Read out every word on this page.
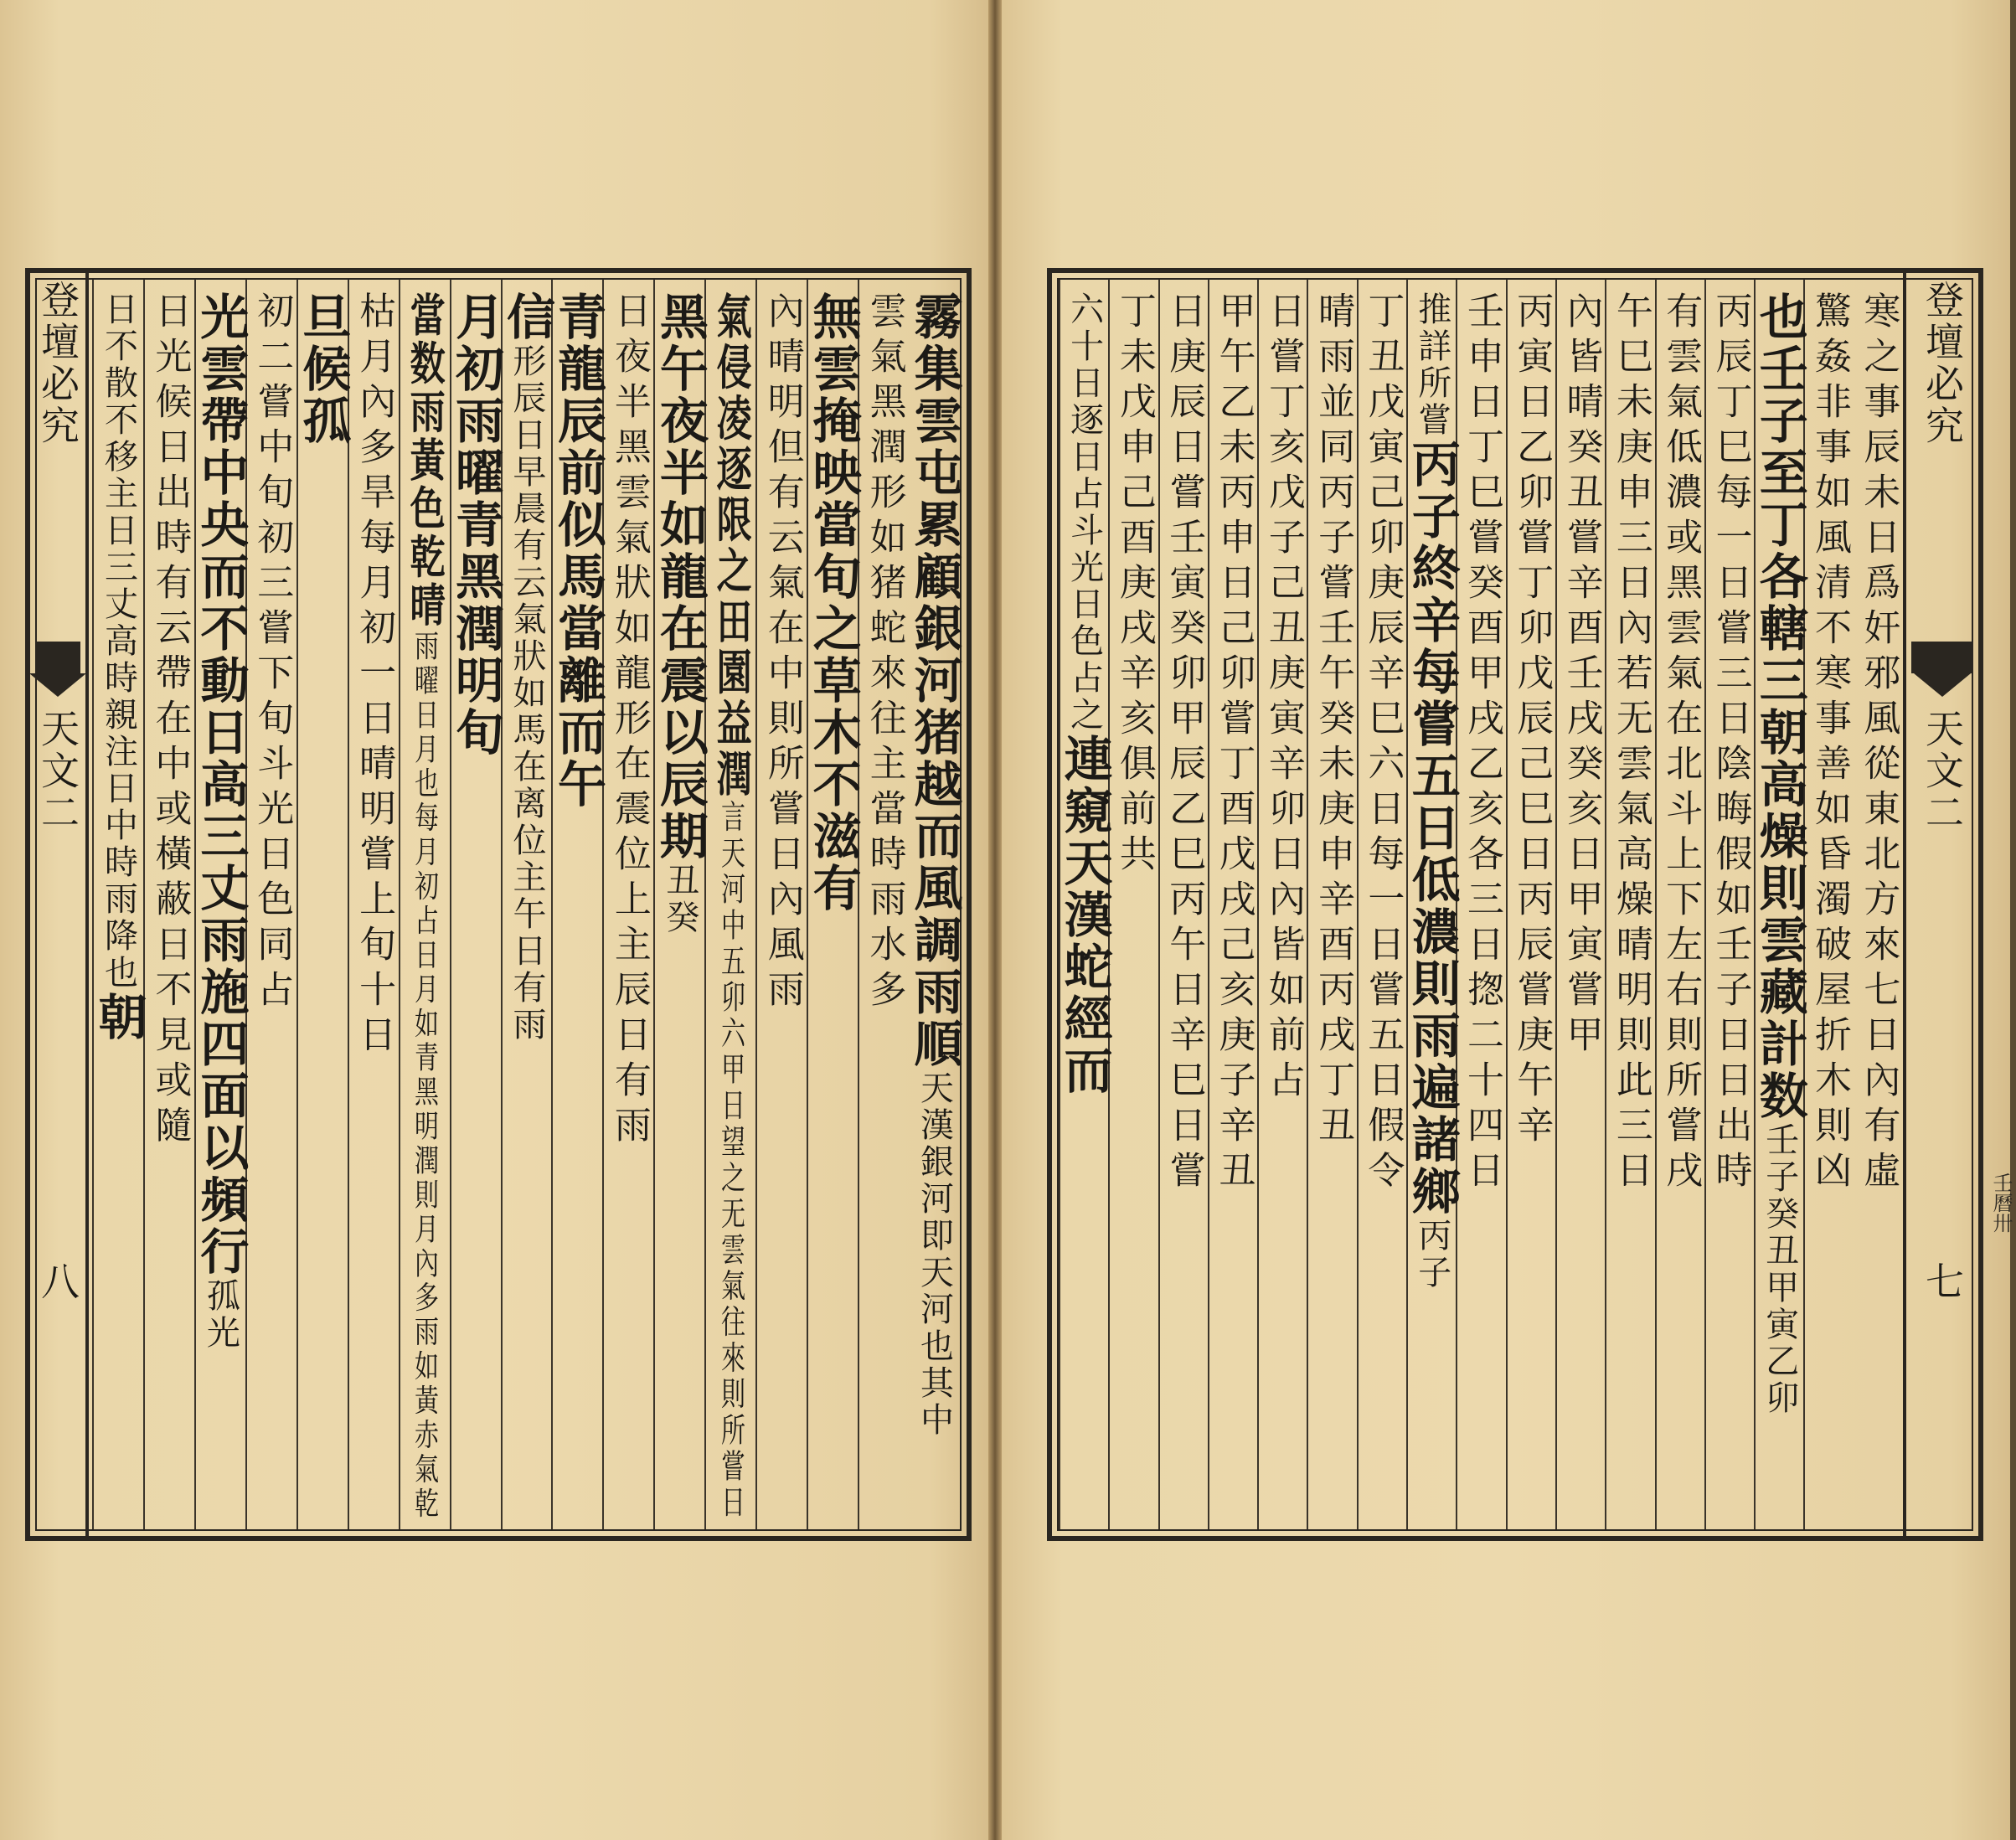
寒之事辰未日爲奸邪風從東北方來七日內有虛
驚姦非事如風清不寒事善如昏濁破屋折木則凶
也壬子至丁各轄三朝高燥則雲藏計数壬子癸丑甲寅乙卯
丙辰丁巳每一日嘗三日陰晦假如壬子日日出時
有雲氣低濃或黑雲氣在北斗上下左右則所嘗戌
午巳未庚申三日內若无雲氣高燥晴明則此三日
內皆晴癸丑嘗辛酉壬戌癸亥日甲寅嘗甲
丙寅日乙卯嘗丁卯戊辰己巳日丙辰嘗庚午辛
壬申日丁巳嘗癸酉甲戌乙亥各三日揔二十四日
推詳所嘗丙子終辛每嘗五日低濃則雨遍諸鄉丙子
丁丑戊寅己卯庚辰辛巳六日每一日嘗五日假令
晴雨並同丙子嘗壬午癸未庚申辛酉丙戌丁丑
日嘗丁亥戊子己丑庚寅辛卯日內皆如前占
甲午乙未丙申日己卯嘗丁酉戊戌己亥庚子辛丑
日庚辰日嘗壬寅癸卯甲辰乙巳丙午日辛巳日嘗
丁未戊申己酉庚戌辛亥俱前共
六十日逐日占斗光日色占之連窺天漢蛇經而
登壇必究
天文二
七
壬曆卅
登壇必究
天文二
八
霧集雲屯累顧銀河猪越而風調雨順天漢銀河即天河也其中
雲氣黑潤形如猪蛇來往主當時雨水多
無雲掩映當旬之草木不滋有
內晴明但有云氣在中則所嘗日內風雨
氣侵凌逐限之田園益潤言天河中五卯六甲日望之无雲氣往來則所嘗日
黑午夜半如龍在震以辰期丑癸
日夜半黑雲氣狀如龍形在震位上主辰日有雨
青龍辰前似馬當離而午
信形辰日早晨有云氣狀如馬在离位主午日有雨
月初雨曜青黑潤明旬
當数雨黃色乾晴雨曜日月也每月初占日月如青黑明潤則月內多雨如黃赤氣乾
枯月內多旱每月初一日晴明嘗上旬十日
旦候孤
初二嘗中旬初三嘗下旬斗光日色同占
光雲帶中央而不動日高三丈雨施四面以頻行孤光
日光候日出時有云帶在中或橫蔽日不見或隨
日不散不移主日三丈高時親注日中時雨降也朝
